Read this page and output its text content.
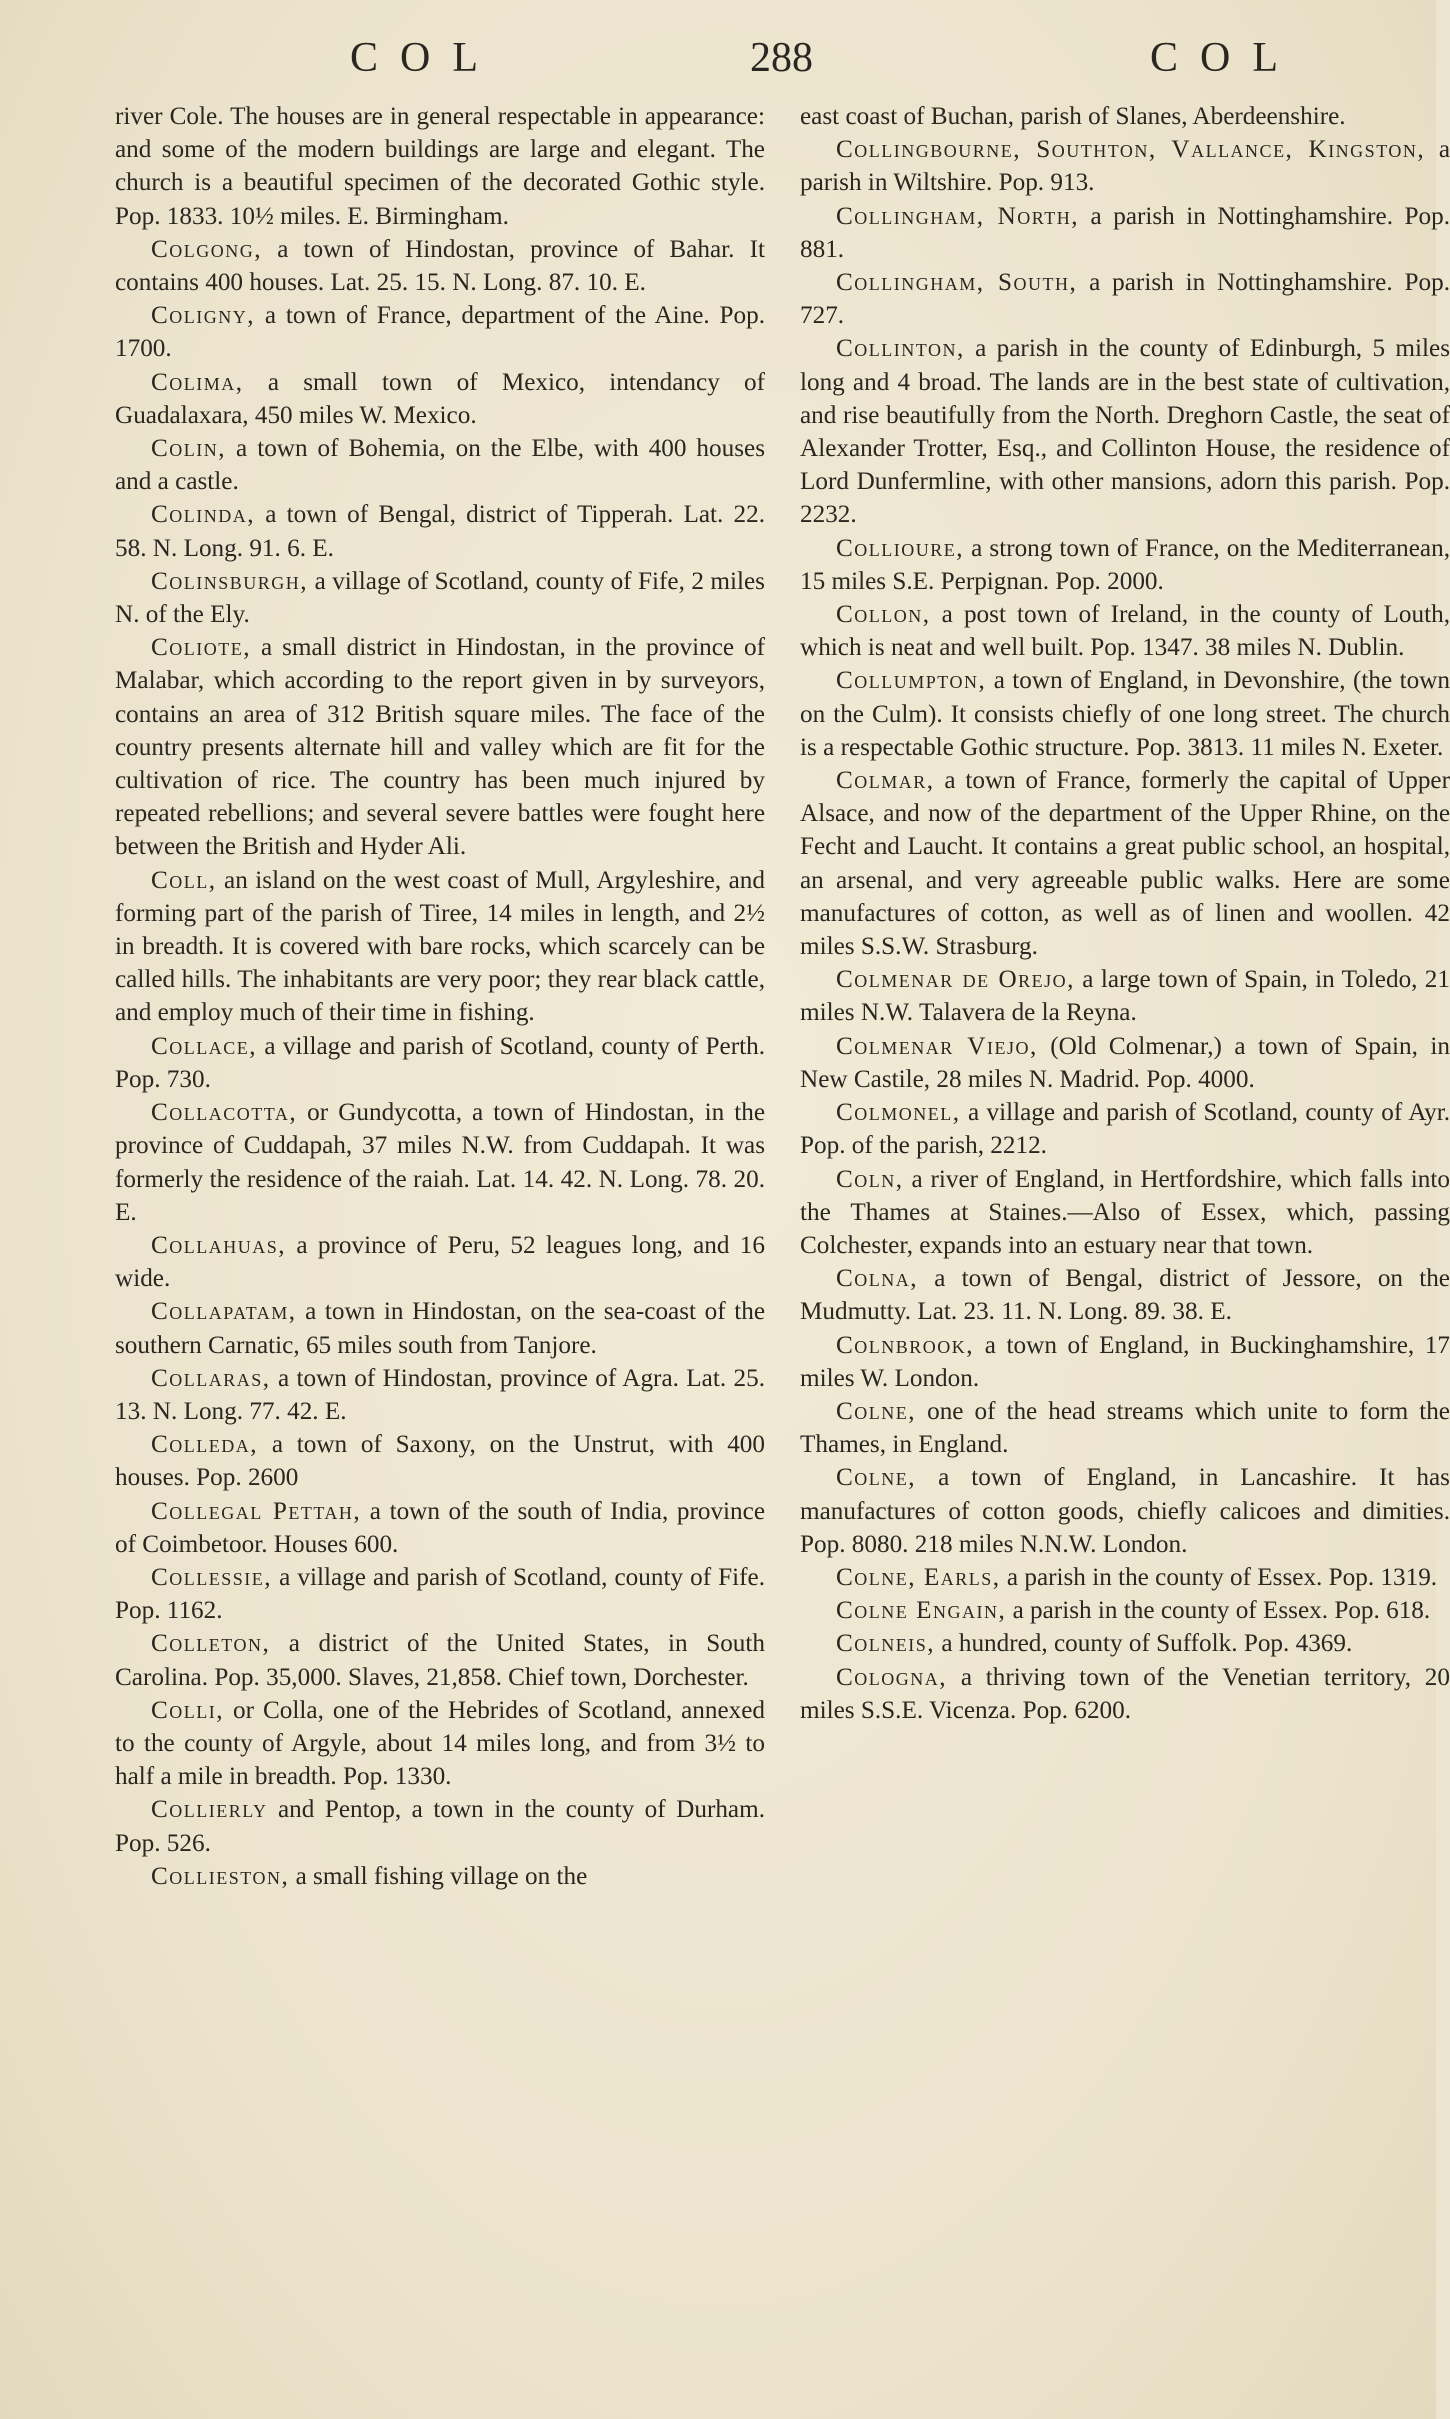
COL	288	COL

river Cole. The houses are in general respectable in appearance: and some of the modern buildings are large and elegant. The church is a beautiful specimen of the decorated Gothic style. Pop. 1833. 10½ miles. E. Birmingham.

Colgong, a town of Hindostan, province of Bahar. It contains 400 houses. Lat. 25. 15. N. Long. 87. 10. E.

Coligny, a town of France, department of the Aine. Pop. 1700.

Colima, a small town of Mexico, intendancy of Guadalaxara, 450 miles W. Mexico.

Colin, a town of Bohemia, on the Elbe, with 400 houses and a castle.

Colinda, a town of Bengal, district of Tipperah. Lat. 22. 58. N. Long. 91. 6. E.

Colinsburgh, a village of Scotland, county of Fife, 2 miles N. of the Ely.

Coliote, a small district in Hindostan, in the province of Malabar, which according to the report given in by surveyors, contains an area of 312 British square miles. The face of the country presents alternate hill and valley which are fit for the cultivation of rice. The country has been much injured by repeated rebellions; and several severe battles were fought here between the British and Hyder Ali.

Coll, an island on the west coast of Mull, Argyleshire, and forming part of the parish of Tiree, 14 miles in length, and 2½ in breadth. It is covered with bare rocks, which scarcely can be called hills. The inhabitants are very poor; they rear black cattle, and employ much of their time in fishing.

Collace, a village and parish of Scotland, county of Perth. Pop. 730.

Collacotta, or Gundycotta, a town of Hindostan, in the province of Cuddapah, 37 miles N.W. from Cuddapah. It was formerly the residence of the raiah. Lat. 14. 42. N. Long. 78. 20. E.

Collahuas, a province of Peru, 52 leagues long, and 16 wide.

Collapatam, a town in Hindostan, on the sea-coast of the southern Carnatic, 65 miles south from Tanjore.

Collaras, a town of Hindostan, province of Agra. Lat. 25. 13. N. Long. 77. 42. E.

Colleda, a town of Saxony, on the Unstrut, with 400 houses. Pop. 2600

Collegal Pettah, a town of the south of India, province of Coimbetoor. Houses 600.

Collessie, a village and parish of Scotland, county of Fife. Pop. 1162.

Colleton, a district of the United States, in South Carolina. Pop. 35,000. Slaves, 21,858. Chief town, Dorchester.

Colli, or Colla, one of the Hebrides of Scotland, annexed to the county of Argyle, about 14 miles long, and from 3½ to half a mile in breadth. Pop. 1330.

Collierly and Pentop, a town in the county of Durham. Pop. 526.

Collieston, a small fishing village on the

east coast of Buchan, parish of Slanes, Aberdeenshire.

Collingbourne, Southton, Vallance, Kingston, a parish in Wiltshire. Pop. 913.

Collingham, North, a parish in Nottinghamshire. Pop. 881.

Collingham, South, a parish in Nottinghamshire. Pop. 727.

Collinton, a parish in the county of Edinburgh, 5 miles long and 4 broad. The lands are in the best state of cultivation, and rise beautifully from the North. Dreghorn Castle, the seat of Alexander Trotter, Esq., and Collinton House, the residence of Lord Dunfermline, with other mansions, adorn this parish. Pop. 2232.

Collioure, a strong town of France, on the Mediterranean, 15 miles S.E. Perpignan. Pop. 2000.

Collon, a post town of Ireland, in the county of Louth, which is neat and well built. Pop. 1347. 38 miles N. Dublin.

Collumpton, a town of England, in Devonshire, (the town on the Culm). It consists chiefly of one long street. The church is a respectable Gothic structure. Pop. 3813. 11 miles N. Exeter.

Colmar, a town of France, formerly the capital of Upper Alsace, and now of the department of the Upper Rhine, on the Fecht and Laucht. It contains a great public school, an hospital, an arsenal, and very agreeable public walks. Here are some manufactures of cotton, as well as of linen and woollen. 42 miles S.S.W. Strasburg.

Colmenar de Orejo, a large town of Spain, in Toledo, 21 miles N.W. Talavera de la Reyna.

Colmenar Viejo, (Old Colmenar,) a town of Spain, in New Castile, 28 miles N. Madrid. Pop. 4000.

Colmonel, a village and parish of Scotland, county of Ayr. Pop. of the parish, 2212.

Coln, a river of England, in Hertfordshire, which falls into the Thames at Staines.—Also of Essex, which, passing Colchester, expands into an estuary near that town.

Colna, a town of Bengal, district of Jessore, on the Mudmutty. Lat. 23. 11. N. Long. 89. 38. E.

Colnbrook, a town of England, in Buckinghamshire, 17 miles W. London.

Colne, one of the head streams which unite to form the Thames, in England.

Colne, a town of England, in Lancashire. It has manufactures of cotton goods, chiefly calicoes and dimities. Pop. 8080. 218 miles N.N.W. London.

Colne, Earls, a parish in the county of Essex. Pop. 1319.

Colne Engain, a parish in the county of Essex. Pop. 618.

Colneis, a hundred, county of Suffolk. Pop. 4369.

Cologna, a thriving town of the Venetian territory, 20 miles S.S.E. Vicenza. Pop. 6200.
